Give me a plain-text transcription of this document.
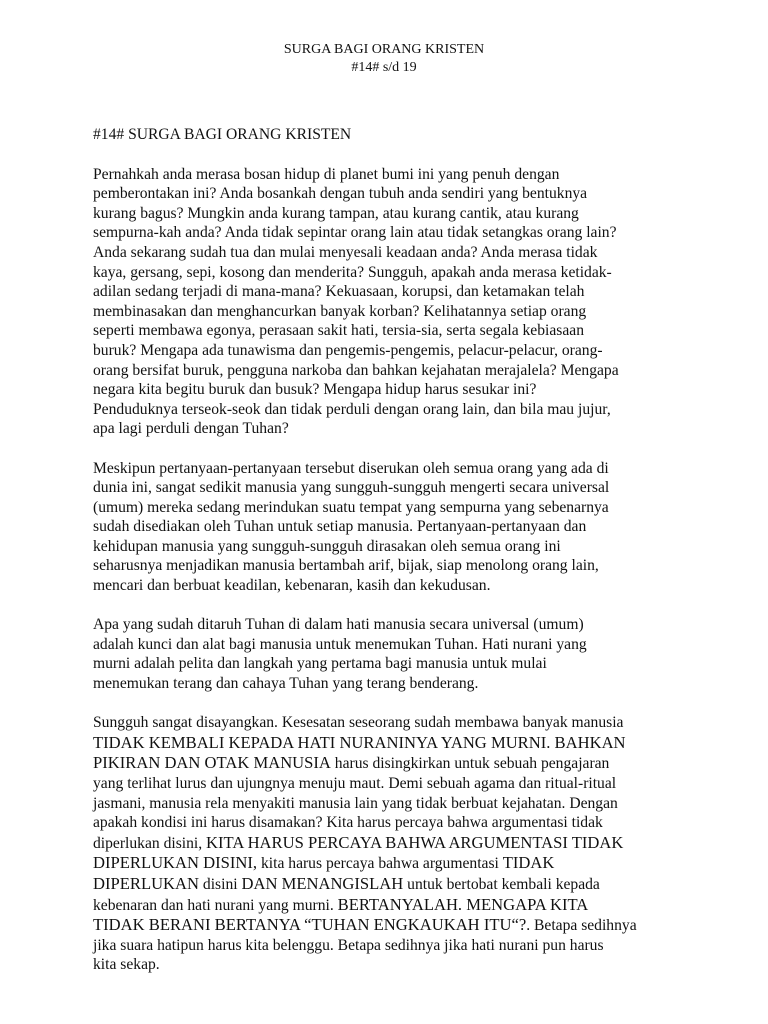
SURGA BAGI ORANG KRISTEN
#14# s/d 19
#14# SURGA BAGI ORANG KRISTEN
Pernahkah anda merasa bosan hidup di planet bumi ini yang penuh dengan
pemberontakan ini? Anda bosankah dengan tubuh anda sendiri yang bentuknya
kurang bagus? Mungkin anda kurang tampan, atau kurang cantik, atau kurang
sempurna-kah anda? Anda tidak sepintar orang lain atau tidak setangkas orang lain?
Anda sekarang sudah tua dan mulai menyesali keadaan anda? Anda merasa tidak
kaya, gersang, sepi, kosong dan menderita? Sungguh, apakah anda merasa ketidak-
adilan sedang terjadi di mana-mana? Kekuasaan, korupsi, dan ketamakan telah
membinasakan dan menghancurkan banyak korban? Kelihatannya setiap orang
seperti membawa egonya, perasaan sakit hati, tersia-sia, serta segala kebiasaan
buruk? Mengapa ada tunawisma dan pengemis-pengemis, pelacur-pelacur, orang-
orang bersifat buruk, pengguna narkoba dan bahkan kejahatan merajalela? Mengapa
negara kita begitu buruk dan busuk? Mengapa hidup harus sesukar ini?
Penduduknya terseok-seok dan tidak perduli dengan orang lain, dan bila mau jujur,
apa lagi perduli dengan Tuhan?
Meskipun pertanyaan-pertanyaan tersebut diserukan oleh semua orang yang ada di
dunia ini, sangat sedikit manusia yang sungguh-sungguh mengerti secara universal
(umum) mereka sedang merindukan suatu tempat yang sempurna yang sebenarnya
sudah disediakan oleh Tuhan untuk setiap manusia. Pertanyaan-pertanyaan dan
kehidupan manusia yang sungguh-sungguh dirasakan oleh semua orang ini
seharusnya menjadikan manusia bertambah arif, bijak, siap menolong orang lain,
mencari dan berbuat keadilan, kebenaran, kasih dan kekudusan.
Apa yang sudah ditaruh Tuhan di dalam hati manusia secara universal (umum)
adalah kunci dan alat bagi manusia untuk menemukan Tuhan. Hati nurani yang
murni adalah pelita dan langkah yang pertama bagi manusia untuk mulai
menemukan terang dan cahaya Tuhan yang terang benderang.
Sungguh sangat disayangkan. Kesesatan seseorang sudah membawa banyak manusia
TIDAK KEMBALI KEPADA HATI NURANINYA YANG MURNI. BAHKAN
PIKIRAN DAN OTAK MANUSIA harus disingkirkan untuk sebuah pengajaran
yang terlihat lurus dan ujungnya menuju maut. Demi sebuah agama dan ritual-ritual
jasmani, manusia rela menyakiti manusia lain yang tidak berbuat kejahatan. Dengan
apakah kondisi ini harus disamakan? Kita harus percaya bahwa argumentasi tidak
diperlukan disini, KITA HARUS PERCAYA BAHWA ARGUMENTASI TIDAK
DIPERLUKAN DISINI, kita harus percaya bahwa argumentasi TIDAK
DIPERLUKAN disini DAN MENANGISLAH untuk bertobat kembali kepada
kebenaran dan hati nurani yang murni. BERTANYALAH. MENGAPA KITA
TIDAK BERANI BERTANYA “TUHAN ENGKAUKAH ITU“?. Betapa sedihnya
jika suara hatipun harus kita belenggu. Betapa sedihnya jika hati nurani pun harus
kita sekap.
